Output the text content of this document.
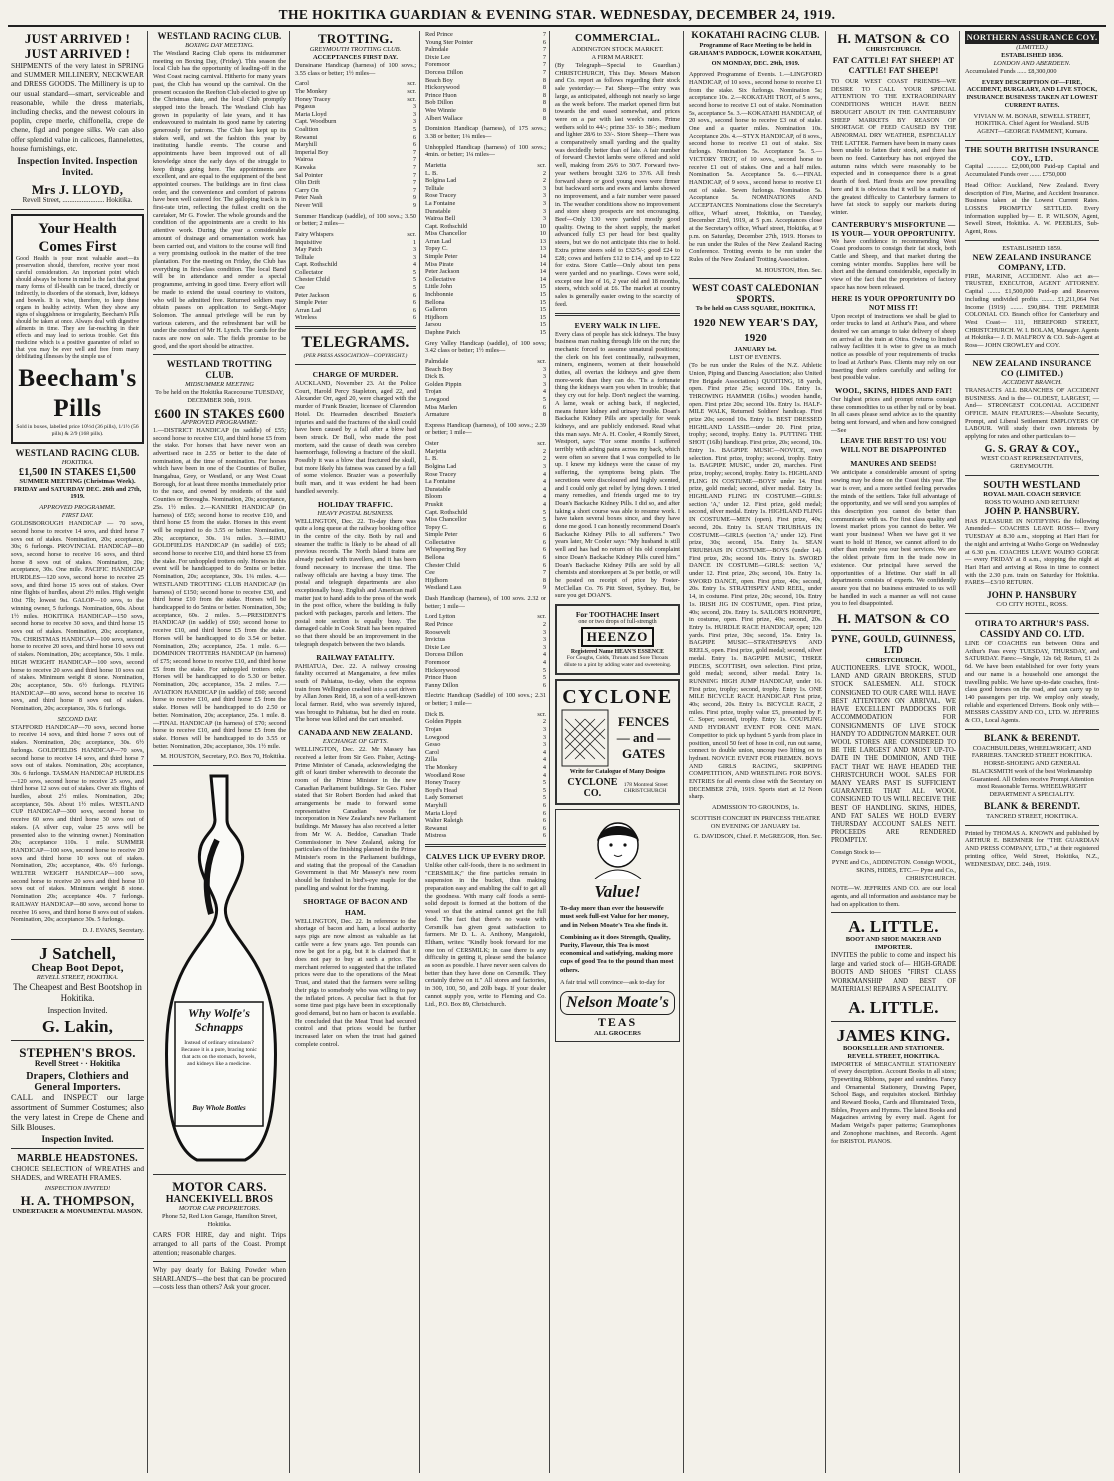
THE HOKITIKA GUARDIAN & EVENING STAR. WEDNESDAY, DECEMBER 24, 1919.
JUST ARRIVED ! JUST ARRIVED !
SHIPMENTS of the very latest in SPRING and SUMMER MILLINERY, NECKWEAR and DRESS GOODS. The Millinery is up to our usual standard—smart, serviceable and reasonable, while the dress materials, including checks, and the newest colours in poplin, crepe merle, chiffonella, crepe de chene, figd and pongee silks. We can also offer splendid value in calicoes, flannelettes, house furnishings, etc.
Inspection Invited. Inspection Invited.
Mrs J. LLOYD,
Revell Street, ........................ Hokitika.
Your Health Comes First
Good Health is your most valuable asset—its preservation should, therefore, receive your most careful consideration. An important point which should always be borne in mind is the fact that great many forms of ill-health can be traced, directly or indirectly, to disorders of the stomach, liver, kidneys and bowels. It is wise, therefore, to keep these organs in healthy activity. When they show any signs of sluggishness or irregularity, Beecham's Pills should be taken at once. Always deal with digestive ailments in time. They are far-reaching in their effects and may lead to serious trouble. Get this medicine which is a positive guarantee of relief so that you may be ever well and free from many debilitating illnesses by the simple use of
Beecham's Pills
Sold in boxes, labelled price 10½d (36 pills), 1/1½ (56 pills) & 2/9 (168 pills).
WESTLAND RACING CLUB.
HOKITIKA.
£1,500 IN STAKES £1,500
SUMMER MEETING (Christmas Week).
FRIDAY and SATURDAY DEC. 26th and 27th, 1919.
APPROVED PROGRAMME.
FIRST DAY.
GOLDSBOROUGH HANDICAP — 70 sovs, second horse to receive 14 sovs, and third horse 7 sovs out of stakes. Nomination, 20s; acceptance, 30s; 6 furlongs. PROVINCIAL HANDICAP—80 sovs, second horse to receive 16 sovs, and third horse 8 sovs out of stakes. Nomination, 20s; acceptance, 30s. One mile. PACIFIC HANDICAP HURDLES—120 sovs, second horse to receive 25 sovs, and third horse 15 sovs out of stakes. Over nine flights of hurdles, about 2½ miles. High weight 10st 7lb; lowest 9st. GALOP—10 sovs, to the winning owner, 5 furlongs. Nomination, 60s. About 1½ miles. HOKITIKA HANDICAP—150 sovs, second horse to receive 30 sovs, and third horse 15 sovs out of stakes. Nomination, 20s; acceptance, 70s. CHRISTMAS HANDICAP—100 sovs, second horse to receive 20 sovs, and third horse 10 sovs out of stakes. Nomination, 20s; acceptance, 50s. 1 mile. HIGH WEIGHT HANDICAP—100 sovs, second horse to receive 20 sovs and third horse 10 sovs out of stakes. Minimum weight 8 stone. Nomination, 20s; acceptance, 50s. 6½ furlongs. FLYING HANDICAP—80 sovs, second horse to receive 16 sovs, and third horse 8 sovs out of stakes. Nomination, 20s; acceptance, 30s. 6 furlongs.
SECOND DAY.
STAFFORD HANDICAP—70 sovs, second horse to receive 14 sovs, and third horse 7 sovs out of stakes. Nomination, 20s; acceptance, 30s. 6½ furlongs. GOLDFIELDS HANDICAP—70 sovs, second horse to receive 14 sovs, and third horse 7 sovs out of stakes. Nomination, 20s; acceptance, 30s. 6 furlongs. TASMAN HANDICAP HURDLES—120 sovs, second horse to receive 25 sovs, and third horse 12 sovs out of stakes. Over six flights of hurdles, about 2½ miles. Nomination, 20s; acceptance, 50s. About 1½ miles. WESTLAND CUP HANDICAP—300 sovs, second horse to receive 60 sovs and third horse 30 sovs out of stakes. (A silver cup, value 25 sovs will be presented also to the winning owner.) Nomination 20s; acceptance 110s. 1 mile. SUMMER HANDICAP—100 sovs, second horse to receive 20 sovs and third horse 10 sovs out of stakes. Nomination, 20s; acceptance, 40s. 6½ furlongs. WELTER WEIGHT HANDICAP—100 sovs, second horse to receive 20 sovs and third horse 10 sovs out of stakes. Minimum weight 8 stone. Nomination 20s; acceptance 40s. 7 furlongs. RAILWAY HANDICAP—80 sovs, second horse to receive 16 sovs, and third horse 8 sovs out of stakes. Nomination, 20s; acceptance 30s. 5 furlongs.
D. J. EVANS, Secretary.
J Satchell,
Cheap Boot Depot,
REVELL STREET, HOKITIKA.
The Cheapest and Best Bootshop in Hokitika.
Inspection Invited.
G. Lakin,
STEPHEN'S BROS.
Revell Street · · Hokitika
Drapers, Clothiers and General Importers.
CALL and INSPECT our large assortment of Summer Costumes; also the very latest in Crepe de Chene and Silk Blouses.
Inspection Invited.
MARBLE HEADSTONES.
CHOICE SELECTION of WREATHS and SHADES, and WREATH FRAMES.
INSPECTION INVITED!
H. A. THOMPSON,
UNDERTAKER & MONUMENTAL MASON.
WESTLAND RACING CLUB.
BOXING DAY MEETING.
The Westland Racing Club opens its midsummer meeting on Boxing Day, (Friday). This season the local Club has the opportunity of leading-off in the West Coast racing carnival. Hitherto for many years past, the Club has wound up the carnival. On the present occasion the Reefton Club elected to give up the Christmas date, and the local Club promptly stepped into the breach. The Westland Club has grown in popularity of late years, and it has endeavoured to maintain its good name by catering generously for patrons. The Club has kept up its stakes well, and set the fashion this year by instituting handle events. The course and appointments have been improved out of all knowledge since the early days of the struggle to keep things going here. The appointments are excellent, and are equal to the equipment of the best appointed courses. The buildings are in first class order, and the convenience and comfort of patrons have been well catered for. The galloping track is in first-rate trim, reflecting the fullest credit on the caretaker, Mr G. Fowler. The whole grounds and the condition of the appointments are a credit to his attentive work. During the year a considerable amount of drainage and ornamentation work has been carried out, and visitors to the course will find a very promising outlook in the matter of the tree plantation. For the meeting on Friday, the Club has everything in first-class condition. The local Band will be in attendance and render a special programme, arriving in good time. Every effort will be made to extend the usual courtesy to visitors, who will be admitted free. Returned soldiers may obtain passes on application to Sergt.-Major Solomon. The annual privilege will be run by various caterers, and the refreshment bar will be under the conduct of Mr H. Lynch. The cards for the races are now on sale. The fields promise to be good, and the sport should be attractive.
WESTLAND TROTTING CLUB.
MIDSUMMER MEETING
To be held on the Hokitika Racecourse TUESDAY, DECEMBER 30th, 1919.
£600 IN STAKES £600
APPROVED PROGRAMME:
1.—DISTRICT HANDICAP (in saddle) of £55; second horse to receive £10, and third horse £5 from the stake. For horses that have never won an advertised race in 2.55 or better to the date of nomination, at the time of nomination. For horses which have been in one of the Counties of Buller, Inangahua, Grey, or Westland, or any West Coast Borough, for at least three months immediately prior to the race, and owned by residents of the said Counties or Boroughs. Nomination, 20s; acceptance, 25s. 1½ miles. 2.—KANIERI HANDICAP (in harness) of £65; second horse to receive £10, and third horse £5 from the stake. Horses in this event will be required to do 3.55 or better. Nomination, 20s; acceptance, 30s. 1¼ miles. 3.—RIMU GOLDFIELDS HANDICAP (in saddle) of £65; second horse to receive £10, and third horse £5 from the stake. For unhoppled trotters only. Horses in this event will be handicapped to do 5mins or better. Nomination, 20s; acceptance, 30s. 1¼ miles. 4.—WESTLAND TROTTING CLUB HANDICAP (in harness) of £150; second horse to receive £30, and third horse £10 from the stake. Horses will be handicapped to do 5mins or better. Nomination, 30s; acceptance, 60s. 2 miles. 5.—PRESIDENT'S HANDICAP (in saddle) of £60; second horse to receive £10, and third horse £5 from the stake. Horses will be handicapped to do 3.54 or better. Nomination, 20s; acceptance, 25s. 1 mile. 6.—DOMINION TROTTERS HANDICAP (in harness) of £75; second horse to receive £10, and third horse £5 from the stake. For unhoppled trotters only. Horses will be handicapped to do 5.30 or better. Nomination, 20s; acceptance, 35s. 2 miles. 7.—AVIATION HANDICAP (in saddle) of £60; second horse to receive £10, and third horse £5 from the stake. Horses will be handicapped to do 2.50 or better. Nomination, 20s; acceptance, 25s. 1 mile. 8.—FINAL HANDICAP (in harness) of £70; second horse to receive £10, and third horse £5 from the stake. Horses will be handicapped to do 3.55 or better. Nomination, 20s; acceptance, 30s. 1½ mile.
M. HOUSTON, Secretary, P.O. Box 70, Hokitika.
Why Wolfe's Schnapps
Instead of ordinary stimulants? Because it is a pure, bracing tonic that acts on the stomach, bowels, and kidneys like a medicine.
Buy Whole Bottles
MOTOR CARS.
HANCEKIVELL BROS
MOTOR CAR PROPRIETORS.
Phone 52, Red Lion Garage, Hamilton Street, Hokitika.
CARS FOR HIRE, day and night. Trips arranged to all parts of the Coast. Prompt attention; reasonable charges.
Why pay dearly for Baking Powder when SHARLAND'S—the best that can be procured—costs less than others? Ask your grocer.
TROTTING.
GREYMOUTH TROTTING CLUB.
ACCEPTANCES FIRST DAY.
Dunsinane Handicap (harness) of 100 sovs.; 3.55 class or better; 1½ miles—
Carol	scr.
The Monkey	scr.
Honey Tracey	scr.
Pegasus	3
Maria Lloyd	3
Capt. Woodburn	3
Coalition	5
Rewanui	6
Maryhill	6
Imperial Boy	7
Wairoa	7
Kawaka	7
Sal Pointer	7
Olin Drift	7
Carry On	7
Peter Nash	9
Never Will	9
Summer Handicap (saddle), of 100 sovs.; 3.50 or better; 2 miles—
Fairy Whispers	scr.
Inquisitive	1
May Patch	3
Telltale	3
Capt. Rothschild	4
Collectator	5
Chester Child	5
Cee	5
Peter Jackson	6
Simple Peter	6
Arran Lad	6
Wireless	6
TELEGRAMS.
(PER PRESS ASSOCIATION—COPYRIGHT.)
CHARGE OF MURDER.
AUCKLAND, November 23. At the Police Court, Harold Percy Stapleton, aged 22, and Alexander Orr, aged 20, were charged with the murder of Frank Brazier, licensee of Clarendon Hotel. Dr. Hearnsden described Brazier's injuries and said the fractures of the skull could have been caused by a fall after a blow had been struck. Dr Bull, who made the post mortem, said the cause of death was cerebro haemorrhage, following a fracture of the skull. Possibly it was a blow that fractured the skull, but more likely his fatness was caused by a fall of some violence. Brazier was a powerfully built man, and it was evident he had been handled severely.
HOLIDAY TRAFFIC.
HEAVY POSTAL BUSINESS.
WELLINGTON, Dec. 22. To-day there was quite a long queue at the railway booking office in the centre of the city. Both by rail and steamer the traffic is likely to be ahead of all previous records. The North Island trains are already packed with travellers, and it has been found necessary to increase the time. The railway officials are having a busy time. The postal and telegraph departments are also exceptionally busy. English and American mail matter just to hand adds to the press of the work in the post office, where the building is fully packed with packages, parcels and letters. The postal note section is equally busy. The damaged cable in Cook Strait has been repaired so that there should be an improvement in the telegraph despatch between the two islands.
RAILWAY FATALITY.
PAHIATUA, Dec. 22. A railway crossing fatality occurred at Mangamaire, a few miles south of Pahiatua, to-day, when the express train from Wellington crashed into a cart driven by Allan Jones Reid, 18, a son of a well-known local farmer. Reid, who was severely injured, was brought to Pahiatua, but he died en route. The horse was killed and the cart smashed.
CANADA AND NEW ZEALAND.
EXCHANGE OF GIFTS.
WELLINGTON, Dec. 22. Mr Massey has received a letter from Sir Geo. Fisher, Acting-Prime Minister of Canada, acknowledging the gift of kauri timber wherewith to decorate the room of the Prime Minister in the new Canadian Parliament buildings. Sir Geo. Fisher stated that Sir Robert Borden had asked that arrangements be made to forward some representative Canadian woods for incorporation in New Zealand's new Parliament buildings. Mr Massey has also received a letter from Mr W. A. Beddoe, Canadian Trade Commissioner in New Zealand, asking for particulars of the finishing planned in the Prime Minister's room in the Parliament buildings, and stating that the proposal of the Canadian Government is that Mr Massey's new room should be finished in bird's-eye maple for the panelling and walnut for the framing.
SHORTAGE OF BACON AND HAM.
WELLINGTON, Dec. 22. In reference to the shortage of bacon and ham, a local authority says pigs are now almost as valuable as fat cattle were a few years ago. Ten pounds can now be got for a pig, but it is claimed that it does not pay to buy at such a price. The merchant referred to suggested that the inflated prices were due to the operations of the Meat Trust, and stated that the farmers were selling their pigs to somebody who was willing to pay the inflated prices. A peculiar fact is that for some time past pigs have been in exceptionally good demand, but no ham or bacon is available. He concluded that the Meat Trust had secured control and that prices would be further increased later on when the trust had gained complete control.
Red Prince	7
Young Ster Pointer	6
Palmdale	7
Dixie Lee	7
Foremoor	7
Dorcess Dillon	7
Beach Boy	8
Hickorywood	8
Prince Huon	8
Bob Dillon	8
Wee Winnie	8
Albert Wallace	8
Dominion Handicap (harness), of 175 sovs.; 3.38 or better; 1¼ miles—
Unhoppled Handicap (harness) of 100 sovs.; 4min. or better; 1¼ miles—
Marietta	scr.
L. B.	2
Bolgina Lad	2
Telltale	3
Rose Tracey	3
La Fontaine	3
Dunstable	3
Wairoa Bell	3
Capt. Rothschild	10
Miss Chancellor	10
Arran Lad	13
Topsy C.	13
Simple Peter	14
Miss Pirate	14
Peter Jackson	14
Collectative	14
Little John	15
Inchbonnie	15
Bellona	15
Galleron	15
Hijdhorn	15
Jarsou	15
Daphne Patch	15
Grey Valley Handicap (saddle), of 100 sovs; 3.42 class or better; 1½ miles—
Palmdale	scr.
Beach Boy	3
Dick B.	3
Golden Pippin	3
Trojan	4
Lowgood	5
Miss Marlen	6
Armature	8
Express Handicap (harness), of 100 sovs.; 2.39 or better; 1 mile—
Oster	scr.
Marjetta	2
L. B.	2
Bolgina Lad	3
Rose Tracey	4
La Fontaine	4
Dunstable	4
Bloom	4
Pruskit	4
Capt. Rothschild	5
Miss Chancellor	5
Topsy C.	6
Simple Peter	6
Collectative	6
Whispering Boy	6
Bellona	6
Chester Child	6
Cee	7
Hijdhorn	8
Westland Lass	9
Dash Handicap (harness), of 100 sovs. 2.32 or better; 1 mile—
Lord Lytton	scr.
Red Prince	2
Roosevelt	3
Invictus	3
Dixie Lee	3
Dorcess Dillon	4
Foremoor	4
Hickorywood	5
Prince Huon	5
Fanny Dillon	6
Electric Handicap (Saddle) of 100 sovs.; 2.31 or better; 1 mile—
Dick B.	scr.
Golden Pippin	2
Trojan	3
Lowgood	3
Gesso	3
Carol	4
Zilla	4
The Monkey	4
Woodland Rose	4
Honey Tracey	5
Boyd's Head	5
Lady Somerset	5
Maryhill	6
Maria Lloyd	6
Walter Raleigh	6
Rewanui	6
Mistress	6
CALVES LICK UP EVERY DROP.
Unlike other calf-foods, there is no sediment in "CERSMILK;" the fine particles remain in suspension in the bucket, thus making preparation easy and enabling the calf to get all the goodness. With many calf foods a semi-solid deposit is formed at the bottom of the vessel so that the animal cannot get the full food. The fact that there's no waste with Cersmilk has given great satisfaction to farmers. Mr D. L. A. Anthony, Mangatoki, Eltham, writes: "Kindly book forward for me one ton of CERSMILK; in case there is any difficulty in getting it, please send the balance as soon as possible. I have never seen calves do better than they have done on Cersmilk. They certainly thrive on it." All stores and factories, in 300, 100, 50, and 20lb bags. If your dealer cannot supply you, write to Fleming and Co. Ltd., P.O. Box 89, Christchurch.
COMMERCIAL.
ADDINGTON STOCK MARKET.
A FIRM MARKET.
(By Telegraph—Special to Guardian.) CHRISTCHURCH, This Day. Messrs Matson and Co. report as follows regarding their stock sale yesterday:— Fat Sheep—The entry was large, as anticipated, although not nearly so large as the week before. The market opened firm but towards the end eased somewhat, and prices were on a par with last week's rates. Prime wethers sold to 44/-; prime 33/- to 38/-; medium and lighter 28/6 to 33/-. Store Sheep—There was a comparatively small yarding and the quality was decidedly better than of late. A fair number of forward Cheviot lambs were offered and sold well, making from 26/6 to 30/7. Forward two-year wethers brought 32/6 to 37/6. All fresh forward sheep or good young ewes were firmer but backward sorts and ewes and lambs showed no improvement, and a fair number were passed in. The weather conditions show no improvement and store sheep prospects are not encouraging. Beef—Only 130 were yarded mostly good quality. Owing to the short supply, the market advanced fully £3 per head for best quality steers, but we do not anticipate this rise to hold. Extra prime steers sold to £32/5/-; good £24 to £28; cows and heifers £12 to £14, and up to £22 for extra. Store Cattle—Only about ten pens were yarded and no yearlings. Cows were sold, except one line of 16, 2 year old and 18 months, steers, which sold at £6. The market at country sales is generally easier owing to the scarcity of feed.
EVERY WALK IN LIFE.
Every class of people has sick kidneys. The busy business man rushing through life on the run; the mechanic forced to assume unnatural positions; the clerk on his feet continually, railwaymen, miners, engineers, women at their household duties, all overtax the kidneys and give them more-work than they can do. 'Tis a fortunate thing the kidneys warn you when in trouble; that they cry out for help. Don't neglect the warning. A lame, weak or aching back, if neglected, means future kidney and urinary trouble. Doan's Backache Kidney Pills are specially for weak kidneys, and are publicly endorsed. Read what this man says. Mr A. H. Cooler, 4 Romily Street, Westport, says: "For some months I suffered terribly with aching pains across my back, which were often so severe that I was compelled to lie up. I knew my kidneys were the cause of my suffering, the symptoms being plain. The secretions were discoloured and highly scented, and I could only get relief by lying down. I tried many remedies, and friends urged me to try Doan's Backache Kidney Pills. I did so, and after taking a short course was able to resume work. I have taken several boxes since, and they have done me good. I can honestly recommend Doan's Backache Kidney Pills to all sufferers." Two years later, Mr Cooler says: "My husband is still well and has had no return of his old complaint since Doan's Backache Kidney Pills cured him." Doan's Backache Kidney Pills are sold by all chemists and storekeepers at 3s per bottle, or will be posted on receipt of price by Foster-McClellan Co. 76 Pitt Street, Sydney. But, be sure you get DOAN'S.
For TOOTHACHE Insert
one or two drops of full-strength
HEENZO
Registered Name HEAN'S ESSENCE
For Coughs, Colds, Throats and Sore Throats dilute to a pint by adding water and sweetening.
CYCLONE
FENCES — and — GATES
Write for Catalogue of Many Designs
CYCLONE CO.
178 Montreal Street CHRISTCHURCH
Value!
To-day more than ever the housewife must seek full-est Value for her money, and in Nelson Moate's Tea she finds it.
Combining as it does Strength, Quality, Purity, Flavour, this Tea is most economical and satisfying, making more cups of good Tea to the pound than most others.
A fair trial will convince—ask to-day for
Nelson Moate's
TEAS
ALL GROCERS
KOKATAHI RACING CLUB.
Programme of Race Meeting to be held in GRAHAM'S PADDOCK, LOWER KOKATAHI,
ON MONDAY, DEC. 29th, 1919.
Approved Programme of Events. 1.—LINGFORD HANDICAP, of 10 sovs., second horse to receive £1 from the stake. Six furlongs. Nomination 5s; acceptance 10s. 2.—KOKATAHI TROT, of 5 sovs., second horse to receive £1 out of stake. Nomination 5s, acceptance 5s. 3.—KOKATAHI HANDICAP, of 20 sovs., second horse to receive £3 out of stake. One and a quarter miles. Nomination 10s. Acceptance 20s. 4.—STYX HANDICAP, of 8 sovs., second horse to receive £1 out of stake. Six furlongs. Nomination 5s. Acceptance 5s. 5.—VICTORY TROT, of 10 sovs., second horse to receive £1 out of stakes. One and a half miles. Nomination 5s. Acceptance 5s. 6.—FINAL HANDICAP, of 9 sovs., second horse to receive £1 out of stake. Seven furlongs. Nomination 5s. Acceptance 5s. NOMINATIONS AND ACCEPTANCES Nominations close the Secretary's office, Wharf street, Hokitika, on Tuesday, December 23rd, 1919, at 5 p.m. Acceptances close at the Secretary's office, Wharf street, Hokitika, at 9 p.m. on Saturday, December 27th, 1919. Horses to be run under the Rules of the New Zealand Racing Conference. Trotting events to be run under the Rules of the New Zealand Trotting Association.
M. HOUSTON, Hon. Sec.
WEST COAST CALEDONIAN SPORTS.
To be held on CASS SQUARE, HOKITIKA,
1920 NEW YEAR'S DAY, 1920
JANUARY 1st.
LIST OF EVENTS.
(To be run under the Rules of the N.Z. Athletic Union, Piping and Dancing Association; also United Fire Brigade Association.) QUOITING, 18 yards, open. First prize 25s; second 10s. Entry 1s. THROWING HAMMER (16lbs.) wooden handle, open. First prize 20s; second 10s. Entry 1s. HALF-MILE WALK, Returned Soldiers' handicap. First prize 20s; second 10s. Entry 1s. BEST DRESSED HIGHLAND LASSIE—under 20. First prize, trophy; second, trophy. Entry 1s. PUTTING THE SHOT (16lb) handicap. First prize, 20s; second, 10s. Entry 1s. BAGPIPE MUSIC—NOVICE, own selection. First prize, trophy; second, trophy. Entry 1s. BAGPIPE MUSIC, under 20, marches. First prize, trophy; second, trophy. Entry 1s. HIGHLAND FLING IN COSTUME—BOYS' under 14. First prize, gold medal; second, silver medal. Entry 1s. HIGHLAND FLING IN COSTUME—GIRLS: section 'A,' under 12. First prize, gold medal; second, silver medal. Entry 1s. HIGHLAND FLING IN COSTUME—MEN (open). First prize, 40s; second, 20s. Entry 1s. SEAN TRIUBHAIS IN COSTUME—GIRLS (section 'A,' under 12). First prize, 30s; second, 15s. Entry 1s. SEAN TRIUBHAIS IN COSTUME—BOYS (under 14). First prize, 20s; second 10s. Entry 1s. SWORD DANCE IN COSTUME—GIRLS: section 'A,' under 12. First prize, 20s; second, 10s. Entry 1s. SWORD DANCE, open. First prize, 40s; second, 20s. Entry 1s. STRATHSPEY AND REEL, under 14, in costume. First prize, 20s; second, 10s. Entry 1s. IRISH JIG IN COSTUME, open. First prize, 40s; second, 20s. Entry 1s. SAILOR'S HORNPIPE, in costume, open. First prize, 40s; second, 20s. Entry 1s. HURDLE RACE HANDICAP, open; 120 yards. First prize, 30s; second, 15s. Entry 1s. BAGPIPE MUSIC—STRATHSPEYS AND REELS, open. First prize, gold medal; second, silver medal. Entry 1s. BAGPIPE MUSIC, THREE PIECES, SCOTTISH, own selection. First prize, gold medal; second, silver medal. Entry 1s. RUNNING HIGH JUMP HANDICAP, under 16. First prize, trophy; second, trophy. Entry 1s. ONE MILE BICYCLE RACE HANDICAP. First prize, 40s; second, 20s. Entry 1s. BICYCLE RACE, 2 miles. First prize, trophy value £5, presented by F. C. Soper; second, trophy. Entry 1s. COUPLING AND HYDRANT EVENT FOR ONE MAN. Competitor to pick up hydrant 5 yards from place in position, uncoil 50 feet of hose in coil, run out same, connect to double union, uncoup two lifting on to hydrant. NOVICE EVENT FOR FIREMEN. BOYS AND GIRLS RACING, SKIPPING COMPETITION, AND WRESTLING FOR BOYS. ENTRIES for all events close with the Secretary on DECEMBER 27th, 1919. Sports start at 12 Noon sharp.
ADMISSION TO GROUNDS, 1s.
SCOTTISH CONCERT IN PRINCESS THEATRE ON EVENING OF JANUARY 1st.
G. DAVIDSON, Chief. F. McGREGOR, Hon. Sec.
H. MATSON & CO
CHRISTCHURCH.
FAT CATTLE! FAT SHEEP! AT CATTLE! FAT SHEEP!
TO OUR WEST COAST FRIENDS—WE DESIRE TO CALL YOUR SPECIAL ATTENTION TO THE EXTRAORDINARY CONDITIONS WHICH HAVE BEEN BROUGHT ABOUT IN THE CANTERBURY SHEEP MARKETS BY REASON OF SHORTAGE OF FEED CAUSED BY THE ABNORMAL DRY WEATHER, ESPECIALLY THE LATTER. Farmers have been in many cases been unable to fatten their stock, and there has been no feed. Canterbury has not enjoyed the autumn rains which were reasonably to be expected and in consequence there is a great dearth of feed. Hard frosts are now prevailing here and it is obvious that it will be a matter of the greatest difficulty to Canterbury farmers to have fat stock to supply our markets during winter.
CANTERBURY'S MISFORTUNE —IS YOUR— YOUR OPPORTUNITY.
We have confidence in recommending West Coast producers to consign their fat stock, both Cattle and Sheep, and that market during the coming winter months. Supplies here will be short and the demand considerable, especially in view of the fact that the proprietors of factory space has now been released.
HERE IS YOUR OPPORTUNITY DO NOT MISS IT!
Upon receipt of instructions we shall be glad to order trucks to land at Arthur's Pass, and where desired we can arrange to take delivery of sheep on arrival at the train at Otira. Owing to limited railway facilities it is wise to give us as much notice as possible of your requirements of trucks to load at Arthur's Pass. Clients may rely on our inserting their orders carefully and selling for best possible value.
WOOL, SKINS, HIDES AND FAT!
Our highest prices and prompt returns consign these commodities to us either by rail or by boat. In all cases please send advice as to the quantity being sent forward, and when and how consigned—See
LEAVE THE REST TO US! YOU WILL NOT BE DISAPPOINTED
MANURES AND SEEDS!
We anticipate a considerable amount of spring sowing may be done on the Coast this year. The war is over, and a more settled feeling pervades the minds of the settlers. Take full advantage of the opportunity, and we will send you samples of this description you cannot do better than communicate with us. For first class quality and lowest market prices you cannot do better. We want your business! When we have got it we want to hold it! Hence, we cannot afford to do other than render you our best services. We are the oldest private firm in the trade now in existence. Our principal have served the opportunities of a lifetime. Our staff in all departments consists of experts. We confidently assure you that no business entrusted to us will be handled in such a manner as will not cause you to feel disappointed.
H. MATSON & CO
PYNE, GOULD, GUINNESS, LTD
CHRISTCHURCH.
AUCTIONEERS. LIVE STOCK, WOOL, LAND AND GRAIN BROKERS, STUD STOCK SALESMEN. ALL STOCK CONSIGNED TO OUR CARE WILL HAVE BEST ATTENTION ON ARRIVAL. WE HAVE EXCELLENT PADDOCKS FOR ACCOMMODATION FOR CONSIGNMENTS OF LIVE STOCK HANDY TO ADDINGTON MARKET. OUR WOOL STORES ARE CONSIDERED TO BE THE LARGEST AND MOST UP-TO-DATE IN THE DOMINION, AND THE FACT THAT WE HAVE HEADED THE CHRISTCHURCH WOOL SALES FOR MANY YEARS PAST IS SUFFICIENT GUARANTEE THAT ALL WOOL CONSIGNED TO US WILL RECEIVE THE BEST OF HANDLING. SKINS, HIDES, AND FAT SALES WE HOLD EVERY THURSDAY ACCOUNT SALES NETT. PROCEEDS ARE RENDERED PROMPTLY.
Consign Stock to—
PYNE and Co., ADDINGTON. Consign WOOL, SKINS, HIDES, ETC.— Pyne and Co., CHRISTCHURCH.
NOTE—W. JEFFRIES AND CO. are our local agents, and all information and assistance may be had on application to them.
A. LITTLE.
BOOT AND SHOE MAKER AND IMPORTER.
INVITES the public to come and inspect his large and varied stock of— HIGH-GRADE BOOTS AND SHOES "FIRST CLASS WORKMANSHIP AND BEST OF MATERIALS! REPAIRS A SPECIALITY.
A. LITTLE.
JAMES KING.
BOOKSELLER AND STATIONER. REVELL STREET, HOKITIKA.
IMPORTER of MERCANTILE STATIONERY of every description. Account Books in all sizes; Typewriting Ribbons, paper and sundries. Fancy and Ornamental Stationery, Drawing Paper, School Bags, and requisites stocked. Birthday and Reward Books, Cards and Illuminated Texts, Bibles, Prayers and Hymns. The latest Books and Magazines arriving by every mail. Agent for Madam Weigel's paper patterns; Gramophones and Zonophone machines, and Records. Agent for BRISTOL PIANOS.
NORTHERN ASSURANCE COY.
(LIMITED.)
ESTABLISHED 1836.
LONDON AND ABERDEEN.
Accumulated Funds ...... £8,300,000
EVERY DESCRIPTION OF—FIRE, ACCIDENT, BURGLARY, AND LIVE STOCK, INSURANCE BUSINESS TAKEN AT LOWEST CURRENT RATES.
VIVIAN W. M. BONAR, SEWELL STREET, HOKITIKA. Chief Agent for Westland. SUB AGENT—GEORGE FAMMENT, Kumara.
THE SOUTH BRITISH INSURANCE COY., LTD.
Capital ............. £2,000,000 Paid-up Capital and Accumulated Funds over ....... £750,000
Head Office: Auckland, New Zealand. Every description of Fire, Marine, and Accident Insurance. Business taken at the Lowest Current Rates. LOSSES PROMPTLY SETTLED. Every information supplied by— E. P. WILSON, Agent, Sewell Street, Hokitika. A. W. PEEBLES, Sub-Agent, Ross.
ESTABLISHED 1859.
NEW ZEALAND INSURANCE COMPANY, LTD.
FIRE, MARINE, ACCIDENT. Also act as—TRUSTEE, EXECUTOR, AGENT ATTORNEY. Capital ........ £1,500,000 Paid-up and Reserves including undivided profits ........ £1,211,064 Net Income (1919) ........ £90,884. THE PREMIER COLONIAL CO. Branch office for Canterbury and West Coast— 111, HEREFORD STREET, CHRISTCHURCH. W. I. BOLAM, Manager. Agents at Hokitika— J. D. MALFROY & CO. Sub-Agent at Ross— JOHN CROWLEY and COY.
NEW ZEALAND INSURANCE CO (LIMITED.)
ACCIDENT BRANCH.
TRANSACTS ALL BRANCHES OF ACCIDENT BUSINESS. And is the— OLDEST, LARGEST, —And— STRONGEST COLONIAL ACCIDENT OFFICE. MAIN FEATURES:—Absolute Security, Prompt, and Liberal Settlement EMPLOYERS OF LABOUR. Will study their own interests by applying for rates and other particulars to—
G. S. GRAY & COY.,
WEST COAST REPRESENTATIVES, GREYMOUTH.
SOUTH WESTLAND
ROYAL MAIL COACH SERVICE
ROSS TO WAIHO AND RETURN!
JOHN P. HANSBURY.
HAS PLEASURE IN NOTIFYING the following Amended— COACHES LEAVE ROSS— Every TUESDAY at 8.30 a.m., stopping at Hari Hari for the night and arriving at Waiho Gorge on Wednesday at 6.30 p.m. COACHES LEAVE WAIHO GORGE— every FRIDAY at 8 a.m., stopping the night at Hari Hari and arriving at Ross in time to connect with the 2.30 p.m. train on Saturday for Hokitika. FARES—£3/10 RETURN.
JOHN P. HANSBURY
C/O CITY HOTEL, ROSS.
OTIRA TO ARTHUR'S PASS.
CASSIDY AND CO. LTD.
LINE OF COACHES run between Otira and Arthur's Pass every TUESDAY, THURSDAY, and SATURDAY. Fares:—Single, 12s 6d; Return, £1 2s 6d. We have been established for over forty years and our name is a household one amongst the travelling public. We have up-to-date coaches, first-class good horses on the road, and can carry up to 140 passengers per trip. We employ only steady, reliable and experienced Drivers. Book only with— MESSRS CASSIDY AND CO., LTD. W. JEFFRIES & CO., Local Agents.
BLANK & BERENDT.
COACHBUILDERS, WHEELWRIGHT, AND FARRIERS. TANCRED STREET HOKITIKA. HORSE-SHOEING AND GENERAL BLACKSMITH work of the best Workmanship Guaranteed. All Orders receive Prompt Attention most Reasonable Terms. WHEELWRIGHT DEPARTMENT A SPECIALITY.
BLANK & BERENDT.
TANCRED STREET, HOKITIKA.
Printed by THOMAS A. KNOWN and published by ARTHUR E. BREMNER for "THE GUARDIAN AND PRESS COMPANY, LTD.," at their registered printing office, Weld Street, Hokitika, N.Z., WEDNESDAY, DEC. 24th, 1919.
